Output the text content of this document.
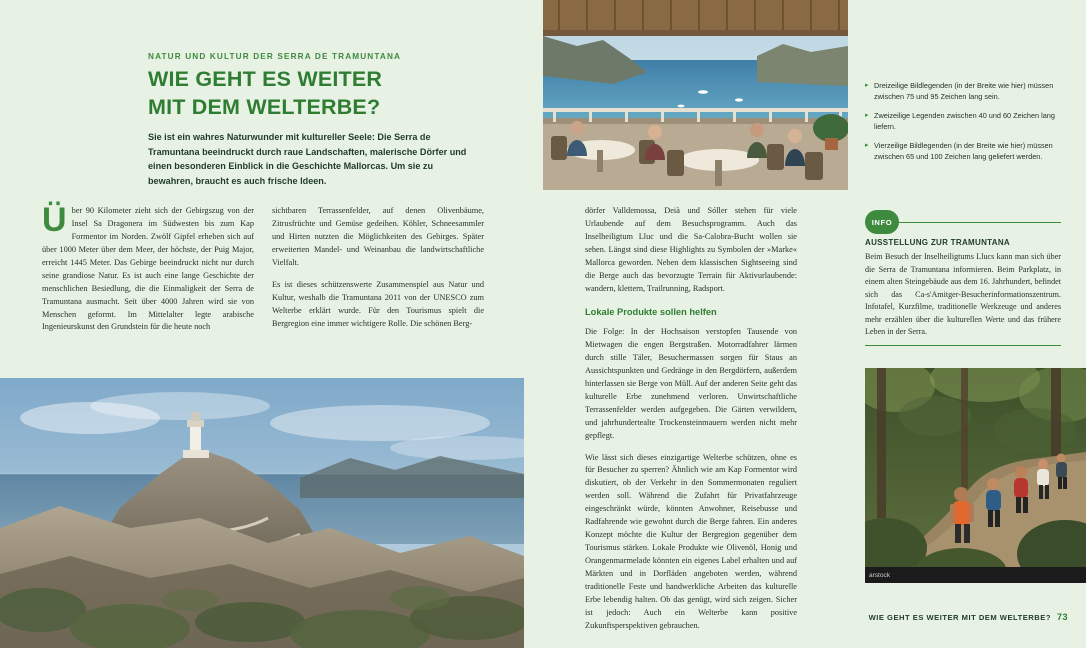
NATUR UND KULTUR DER SERRA DE TRAMUNTANA
WIE GEHT ES WEITER
MIT DEM WELTERBE?
Sie ist ein wahres Naturwunder mit kultureller Seele: Die Serra de Tramuntana beeindruckt durch raue Landschaften, malerische Dörfer und einen besonderen Einblick in die Geschichte Mallorcas. Um sie zu bewahren, braucht es auch frische Ideen.

Über 90 Kilometer zieht sich der Gebirgszug von der Insel Sa Dragonera im Südwesten bis zum Kap Formentor im Norden. Zwölf Gipfel erheben sich auf über 1000 Meter über dem Meer, der höchste, der Puig Major, erreicht 1445 Meter. Das Gebirge beeindruckt nicht nur durch seine grandiose Natur. Es ist auch eine lange Geschichte der menschlichen Besiedlung, die die Einmaligkeit der Serra de Tramuntana ausmacht. Seit über 4000 Jahren wird sie von Menschen geformt. Im Mittelalter legte arabische Ingenieurskunst den Grundstein für die heute noch

sichtbaren Terrassenfelder, auf denen Olivenbäume, Zitrusfrüchte und Gemüse gedeihen. Köhler, Schneesammler und Hirten nutzten die Möglichkeiten des Gebirges. Später erweiterten Mandel- und Weinanbau die landwirtschaftliche Vielfalt.

Es ist dieses schützenswerte Zusammenspiel aus Natur und Kultur, weshalb die Tramuntana 2011 von der UNESCO zum Welterbe erklärt wurde. Für den Tourismus spielt die Bergregion eine immer wichtigere Rolle. Die schönen Berg-

▸ Dreizeilige Bildlegenden (in der Breite wie hier) müssen zwischen 75 und 95 Zeichen lang sein.
▸ Zweizeilige Legenden zwischen 40 und 60 Zeichen lang liefern.
▸ Vierzeilige Bildlegenden (in der Breite wie hier) müssen zwischen 65 und 100 Zeichen lang geliefert werden.

dörfer Valldemossa, Deià und Sóller stehen für viele Urlaubende auf dem Besuchsprogramm. Auch das Inselheiligtum Lluc und die Sa-Calobra-Bucht wollen sie sehen. Längst sind diese Highlights zu Symbolen der »Marke« Mallorca geworden. Neben dem klassischen Sightseeing sind die Berge auch das bevorzugte Terrain für Aktivurlaubende: wandern, klettern, Trailrunning, Radsport.

Lokale Produkte sollen helfen

Die Folge: In der Hochsaison verstopfen Tausende von Mietwagen die engen Bergstraßen. Motorradfahrer lärmen durch stille Täler, Besuchermassen sorgen für Staus an Aussichtspunkten und Gedränge in den Bergdörfern, außerdem hinterlassen sie Berge von Müll. Auf der anderen Seite geht das kulturelle Erbe zunehmend verloren. Unwirtschaftliche Terrassenfelder werden aufgegeben. Die Gärten verwildern, und jahrhundertealte Trockensteinmauern werden nicht mehr gepflegt.

Wie lässt sich dieses einzigartige Welterbe schützen, ohne es für Besucher zu sperren? Ähnlich wie am Kap Formentor wird diskutiert, ob der Verkehr in den Sommermonaten reguliert werden soll. Während die Zufahrt für Privatfahrzeuge eingeschränkt würde, könnten Anwohner, Reisebusse und Radfahrende wie gewohnt durch die Berge fahren. Ein anderes Konzept möchte die Kultur der Bergregion gegenüber dem Tourismus stärken. Lokale Produkte wie Olivenöl, Honig und Orangenmarmelade könnten ein eigenes Label erhalten und auf Märkten und in Dorfläden angeboten werden, während traditionelle Feste und handwerkliche Arbeiten das kulturelle Erbe lebendig halten. Ob das genügt, wird sich zeigen. Sicher ist jedoch: Auch ein Welterbe kann positive Zukunftsperspektiven gebrauchen.

INFO
AUSSTELLUNG ZUR TRAMUNTANA
Beim Besuch der Inselheiligtums Llucs kann man sich über die Serra de Tramuntana informieren. Beim Parkplatz, in einem alten Steingebäude aus dem 16. Jahrhundert, befindet sich das Ca-s'Amitger-Besucherinformationszentrum. Infotafel, Kurzfilme, traditionelle Werkzeuge und anderes mehr erzählen über die kulturellen Werte und das frühere Leben in der Serra.
arstock
WIE GEHT ES WEITER MIT DEM WELTERBE? 73
